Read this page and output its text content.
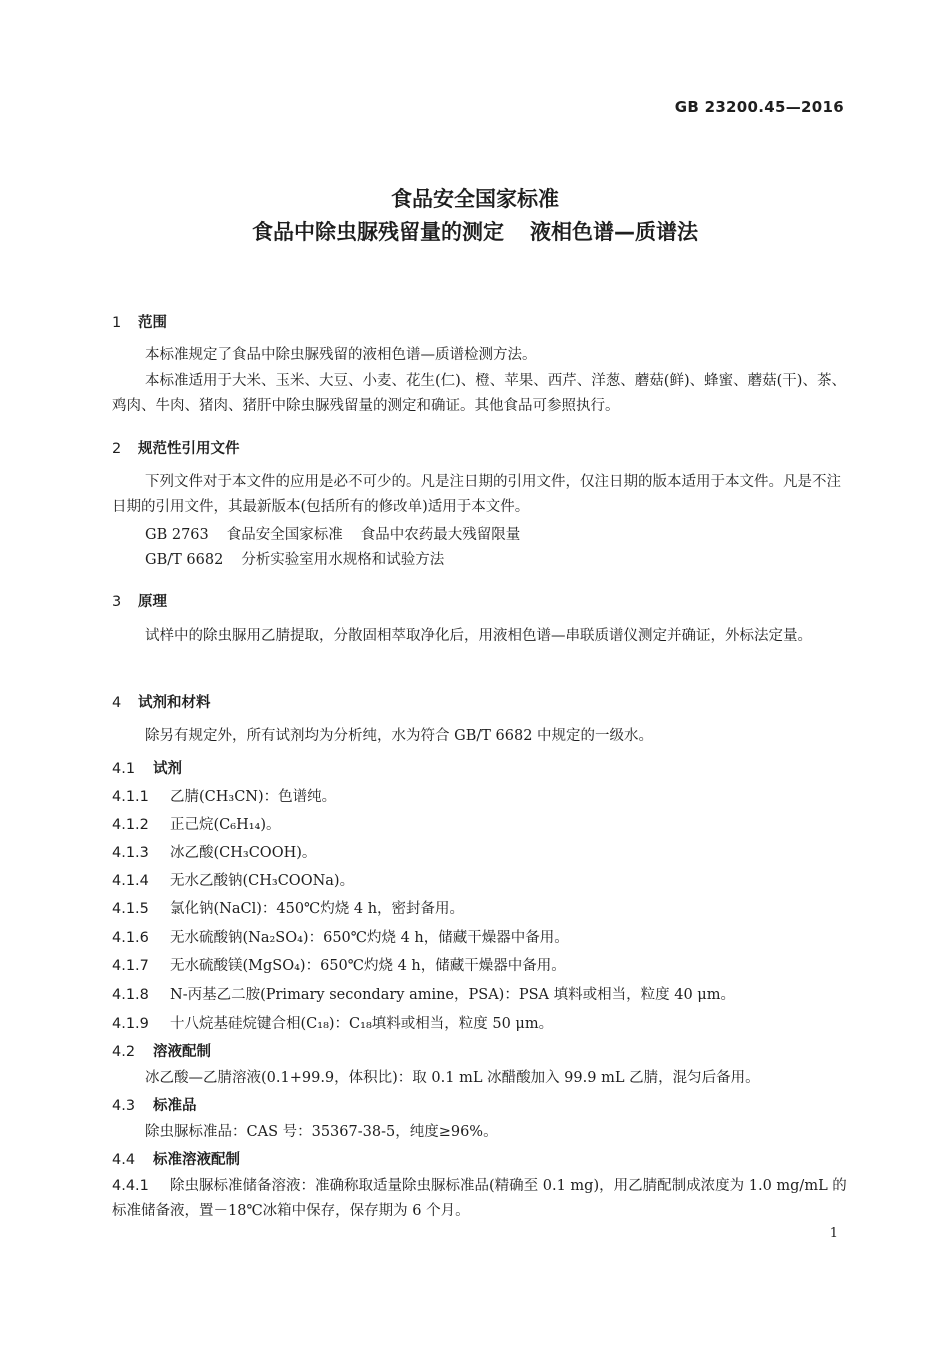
GB 23200.45—2016
食品安全国家标准
食品中除虫脲残留量的测定 液相色谱—质谱法
1 范围
本标准规定了食品中除虫脲残留的液相色谱—质谱检测方法。
本标准适用于大米、玉米、大豆、小麦、花生(仁)、橙、苹果、西芹、洋葱、蘑菇(鲜)、蜂蜜、蘑菇(干)、茶、鸡肉、牛肉、猪肉、猪肝中除虫脲残留量的测定和确证。其他食品可参照执行。
2 规范性引用文件
下列文件对于本文件的应用是必不可少的。凡是注日期的引用文件，仅注日期的版本适用于本文件。凡是不注日期的引用文件，其最新版本(包括所有的修改单)适用于本文件。
GB 2763 食品安全国家标准 食品中农药最大残留限量
GB/T 6682 分析实验室用水规格和试验方法
3 原理
试样中的除虫脲用乙腈提取，分散固相萃取净化后，用液相色谱—串联质谱仪测定并确证，外标法定量。
4 试剂和材料
除另有规定外，所有试剂均为分析纯，水为符合 GB/T 6682 中规定的一级水。
4.1 试剂
4.1.1 乙腈(CH₃CN)：色谱纯。
4.1.2 正己烷(C₆H₁₄)。
4.1.3 冰乙酸(CH₃COOH)。
4.1.4 无水乙酸钠(CH₃COONa)。
4.1.5 氯化钠(NaCl)：450℃灼烧 4 h，密封备用。
4.1.6 无水硫酸钠(Na₂SO₄)：650℃灼烧 4 h，储藏干燥器中备用。
4.1.7 无水硫酸镁(MgSO₄)：650℃灼烧 4 h，储藏干燥器中备用。
4.1.8 N-丙基乙二胺(Primary secondary amine，PSA)：PSA 填料或相当，粒度 40 μm。
4.1.9 十八烷基硅烷键合相(C₁₈)：C₁₈填料或相当，粒度 50 μm。
4.2 溶液配制
冰乙酸—乙腈溶液(0.1+99.9，体积比)：取 0.1 mL 冰醋酸加入 99.9 mL 乙腈，混匀后备用。
4.3 标准品
除虫脲标准品：CAS 号：35367-38-5，纯度≥96%。
4.4 标准溶液配制
4.4.1 除虫脲标准储备溶液：准确称取适量除虫脲标准品(精确至 0.1 mg)，用乙腈配制成浓度为 1.0 mg/mL 的标准储备液，置－18℃冰箱中保存，保存期为 6 个月。
1
